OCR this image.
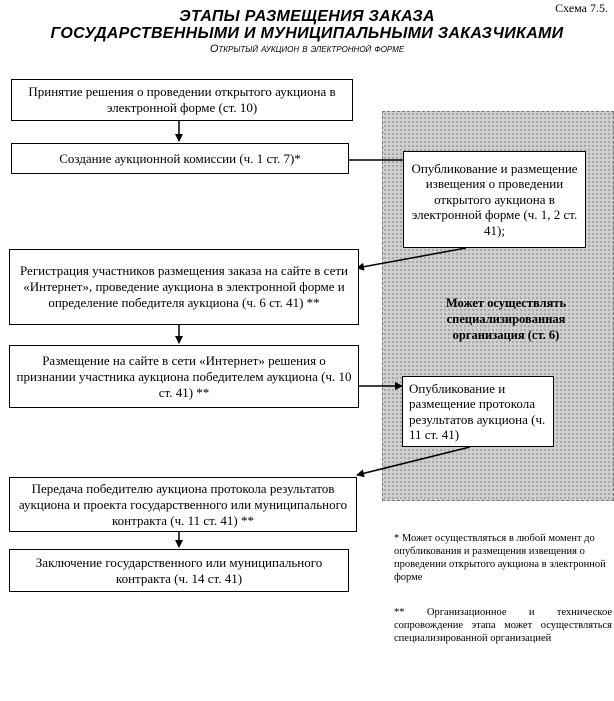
Схема 7.5.
ЭТАПЫ РАЗМЕЩЕНИЯ ЗАКАЗА
ГОСУДАРСТВЕННЫМИ И МУНИЦИПАЛЬНЫМИ ЗАКАЗЧИКАМИ
Открытый аукцион в электронной форме
Может осуществлять специализированная организация (ст. 6)
Принятие решения о проведении открытого аукциона в электронной форме (ст. 10)
Создание аукционной комиссии (ч. 1 ст. 7)*
Опубликование и размещение извещения о проведении открытого аукциона в электронной форме (ч. 1, 2 ст. 41);
Регистрация участников размещения заказа на сайте в сети «Интернет», проведение аукциона в электронной форме и определение победителя аукциона (ч. 6 ст. 41) **
Размещение на сайте в сети «Интернет» решения о признании участника аукциона победителем аукциона (ч. 10 ст. 41) **	Опубликование и размещение протокола результатов аукциона (ч. 11 ст. 41)
Передача победителю аукциона протокола результатов аукциона и проекта государственного или муниципального контракта (ч. 11 ст. 41) **
Заключение государственного или муниципального контракта (ч. 14 ст. 41)
* Может осуществляться в любой момент до опубликования и размещения извещения о проведении открытого аукциона в электронной форме
** Организационное и техническое сопровождение этапа может осуществляться специализированной организацией
